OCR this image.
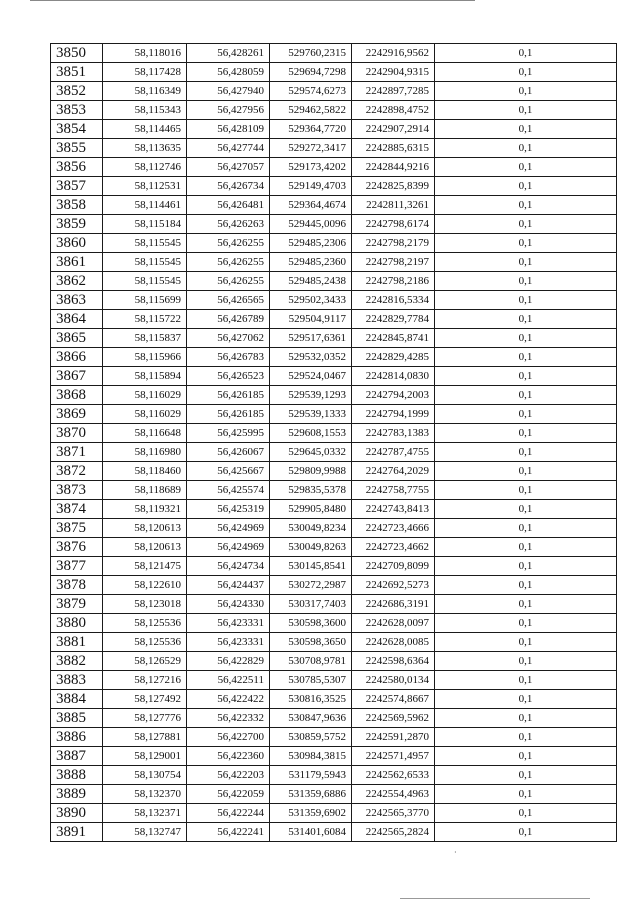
3850	58,118016	56,428261	529760,2315	2242916,9562	0,1
3851	58,117428	56,428059	529694,7298	2242904,9315	0,1
3852	58,116349	56,427940	529574,6273	2242897,7285	0,1
3853	58,115343	56,427956	529462,5822	2242898,4752	0,1
3854	58,114465	56,428109	529364,7720	2242907,2914	0,1
3855	58,113635	56,427744	529272,3417	2242885,6315	0,1
3856	58,112746	56,427057	529173,4202	2242844,9216	0,1
3857	58,112531	56,426734	529149,4703	2242825,8399	0,1
3858	58,114461	56,426481	529364,4674	2242811,3261	0,1
3859	58,115184	56,426263	529445,0096	2242798,6174	0,1
3860	58,115545	56,426255	529485,2306	2242798,2179	0,1
3861	58,115545	56,426255	529485,2360	2242798,2197	0,1
3862	58,115545	56,426255	529485,2438	2242798,2186	0,1
3863	58,115699	56,426565	529502,3433	2242816,5334	0,1
3864	58,115722	56,426789	529504,9117	2242829,7784	0,1
3865	58,115837	56,427062	529517,6361	2242845,8741	0,1
3866	58,115966	56,426783	529532,0352	2242829,4285	0,1
3867	58,115894	56,426523	529524,0467	2242814,0830	0,1
3868	58,116029	56,426185	529539,1293	2242794,2003	0,1
3869	58,116029	56,426185	529539,1333	2242794,1999	0,1
3870	58,116648	56,425995	529608,1553	2242783,1383	0,1
3871	58,116980	56,426067	529645,0332	2242787,4755	0,1
3872	58,118460	56,425667	529809,9988	2242764,2029	0,1
3873	58,118689	56,425574	529835,5378	2242758,7755	0,1
3874	58,119321	56,425319	529905,8480	2242743,8413	0,1
3875	58,120613	56,424969	530049,8234	2242723,4666	0,1
3876	58,120613	56,424969	530049,8263	2242723,4662	0,1
3877	58,121475	56,424734	530145,8541	2242709,8099	0,1
3878	58,122610	56,424437	530272,2987	2242692,5273	0,1
3879	58,123018	56,424330	530317,7403	2242686,3191	0,1
3880	58,125536	56,423331	530598,3600	2242628,0097	0,1
3881	58,125536	56,423331	530598,3650	2242628,0085	0,1
3882	58,126529	56,422829	530708,9781	2242598,6364	0,1
3883	58,127216	56,422511	530785,5307	2242580,0134	0,1
3884	58,127492	56,422422	530816,3525	2242574,8667	0,1
3885	58,127776	56,422332	530847,9636	2242569,5962	0,1
3886	58,127881	56,422700	530859,5752	2242591,2870	0,1
3887	58,129001	56,422360	530984,3815	2242571,4957	0,1
3888	58,130754	56,422203	531179,5943	2242562,6533	0,1
3889	58,132370	56,422059	531359,6886	2242554,4963	0,1
3890	58,132371	56,422244	531359,6902	2242565,3770	0,1
3891	58,132747	56,422241	531401,6084	2242565,2824	0,1
·
